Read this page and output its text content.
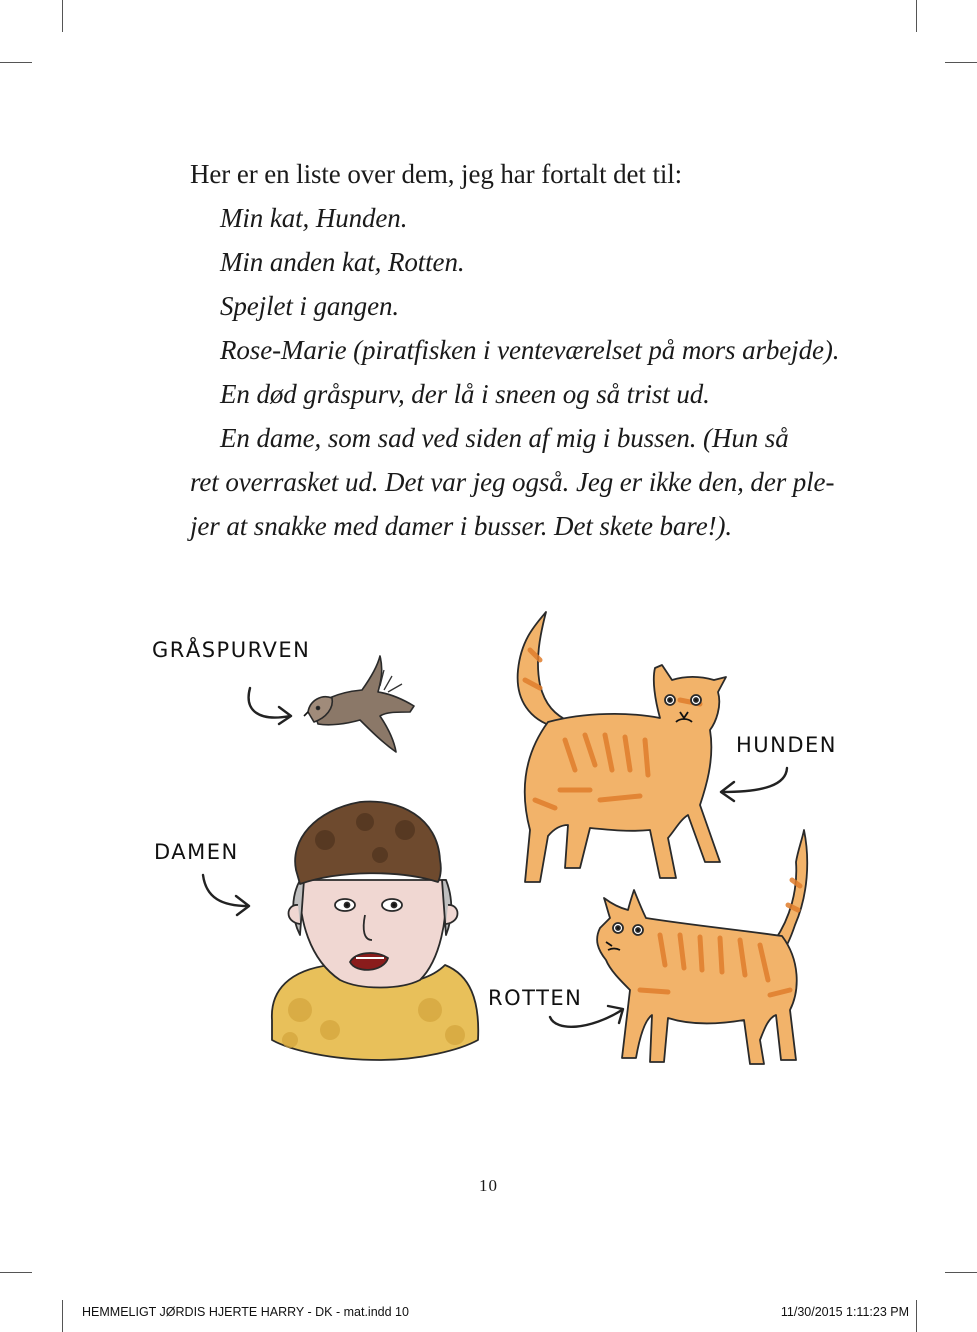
Her er en liste over dem, jeg har fortalt det til:

Min kat, Hunden.

Min anden kat, Rotten.

Spejlet i gangen.

Rose-Marie (piratfisken i venteværelset på mors arbejde).

En død gråspurv, der lå i sneen og så trist ud.

En dame, som sad ved siden af mig i bussen. (Hun så

ret overrasket ud. Det var jeg også. Jeg er ikke den, der ple-

jer at snakke med damer i busser. Det skete bare!).

GRÅSPURVEN
HUNDEN
DAMEN
ROTTEN
10
HEMMELIGT JØRDIS HJERTE HARRY - DK - mat.indd 10	11/30/2015 1:11:23 PM
